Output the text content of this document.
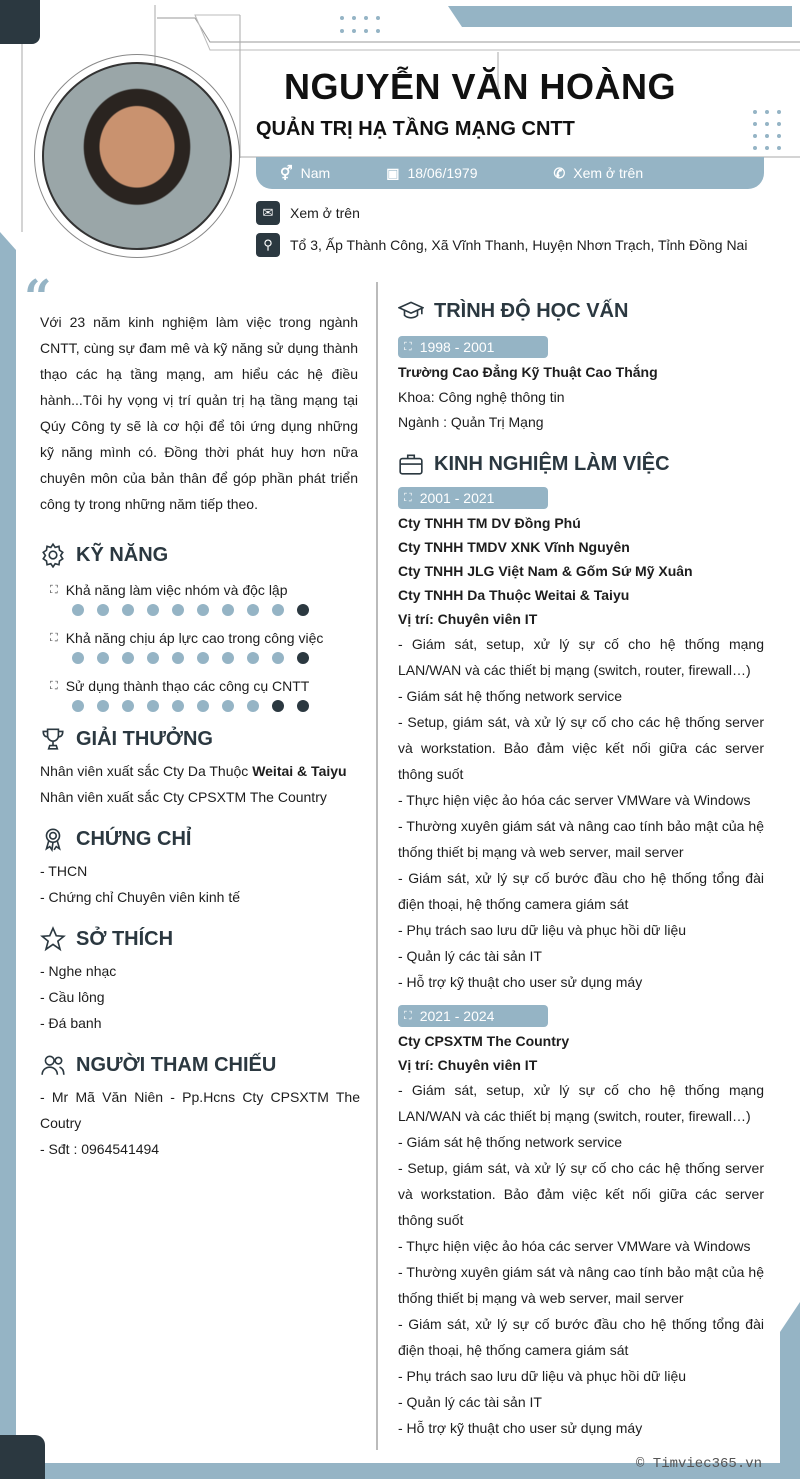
NGUYỄN VĂN HOÀNG
QUẢN TRỊ HẠ TẦNG MẠNG CNTT
⚥ Nam	▣ 18/06/1979	✆ Xem ở trên
✉	Xem ở trên
⚲	Tổ 3, Ấp Thành Công, Xã Vĩnh Thanh, Huyện Nhơn Trạch, Tỉnh Đồng Nai
“
Với 23 năm kinh nghiệm làm việc trong ngành CNTT, cùng sự đam mê và kỹ năng sử dụng thành thạo các hạ tầng mạng, am hiểu các hệ điều hành...Tôi hy vọng vị trí quản trị hạ tầng mạng tại Qúy Công ty sẽ là cơ hội để tôi ứng dụng những kỹ năng mình có. Đồng thời phát huy hơn nữa chuyên môn của bản thân để góp phần phát triển công ty trong những năm tiếp theo.
KỸ NĂNG
⛶ Khả năng làm việc nhóm và độc lập
⛶ Khả năng chịu áp lực cao trong công việc
⛶ Sử dụng thành thạo các công cụ CNTT
GIẢI THƯỞNG
Nhân viên xuất sắc Cty Da Thuộc Weitai & Taiyu
Nhân viên xuất sắc Cty CPSXTM The Country
CHỨNG CHỈ
- THCN
- Chứng chỉ Chuyên viên kinh tế
SỞ THÍCH
- Nghe nhạc
- Cầu lông
- Đá banh
NGƯỜI THAM CHIẾU
- Mr Mã Văn Niên - Pp.Hcns Cty CPSXTM The Coutry
- Sđt : 0964541494
TRÌNH ĐỘ HỌC VẤN
⛶ 1998 - 2001
Trường Cao Đẳng Kỹ Thuật Cao Thắng
Khoa: Công nghệ thông tin
Ngành : Quản Trị Mạng
KINH NGHIỆM LÀM VIỆC
⛶ 2001 - 2021
Cty TNHH TM DV Đồng Phú
Cty TNHH TMDV XNK Vĩnh Nguyên
Cty TNHH JLG Việt Nam & Gốm Sứ Mỹ Xuân
Cty TNHH Da Thuộc Weitai & Taiyu
Vị trí: Chuyên viên IT
- Giám sát, setup, xử lý sự cố cho hệ thống mạng LAN/WAN và các thiết bị mạng (switch, router, firewall…)
- Giám sát hệ thống network service
- Setup, giám sát, và xử lý sự cố cho các hệ thống server và workstation. Bảo đảm việc kết nối giữa các server thông suốt
- Thực hiện việc ảo hóa các server VMWare và Windows
- Thường xuyên giám sát và nâng cao tính bảo mật của hệ thống thiết bị mạng và web server, mail server
- Giám sát, xử lý sự cố bước đầu cho hệ thống tổng đài điện thoại, hệ thống camera giám sát
- Phụ trách sao lưu dữ liệu và phục hồi dữ liệu
- Quản lý các tài sản IT
- Hỗ trợ kỹ thuật cho user sử dụng máy
⛶ 2021 - 2024
Cty CPSXTM The Country
Vị trí: Chuyên viên IT
- Giám sát, setup, xử lý sự cố cho hệ thống mạng LAN/WAN và các thiết bị mạng (switch, router, firewall…)
- Giám sát hệ thống network service
- Setup, giám sát, và xử lý sự cố cho các hệ thống server và workstation. Bảo đảm việc kết nối giữa các server thông suốt
- Thực hiện việc ảo hóa các server VMWare và Windows
- Thường xuyên giám sát và nâng cao tính bảo mật của hệ thống thiết bị mạng và web server, mail server
- Giám sát, xử lý sự cố bước đầu cho hệ thống tổng đài điện thoại, hệ thống camera giám sát
- Phụ trách sao lưu dữ liệu và phục hồi dữ liệu
- Quản lý các tài sản IT
- Hỗ trợ kỹ thuật cho user sử dụng máy
© Timviec365.vn
